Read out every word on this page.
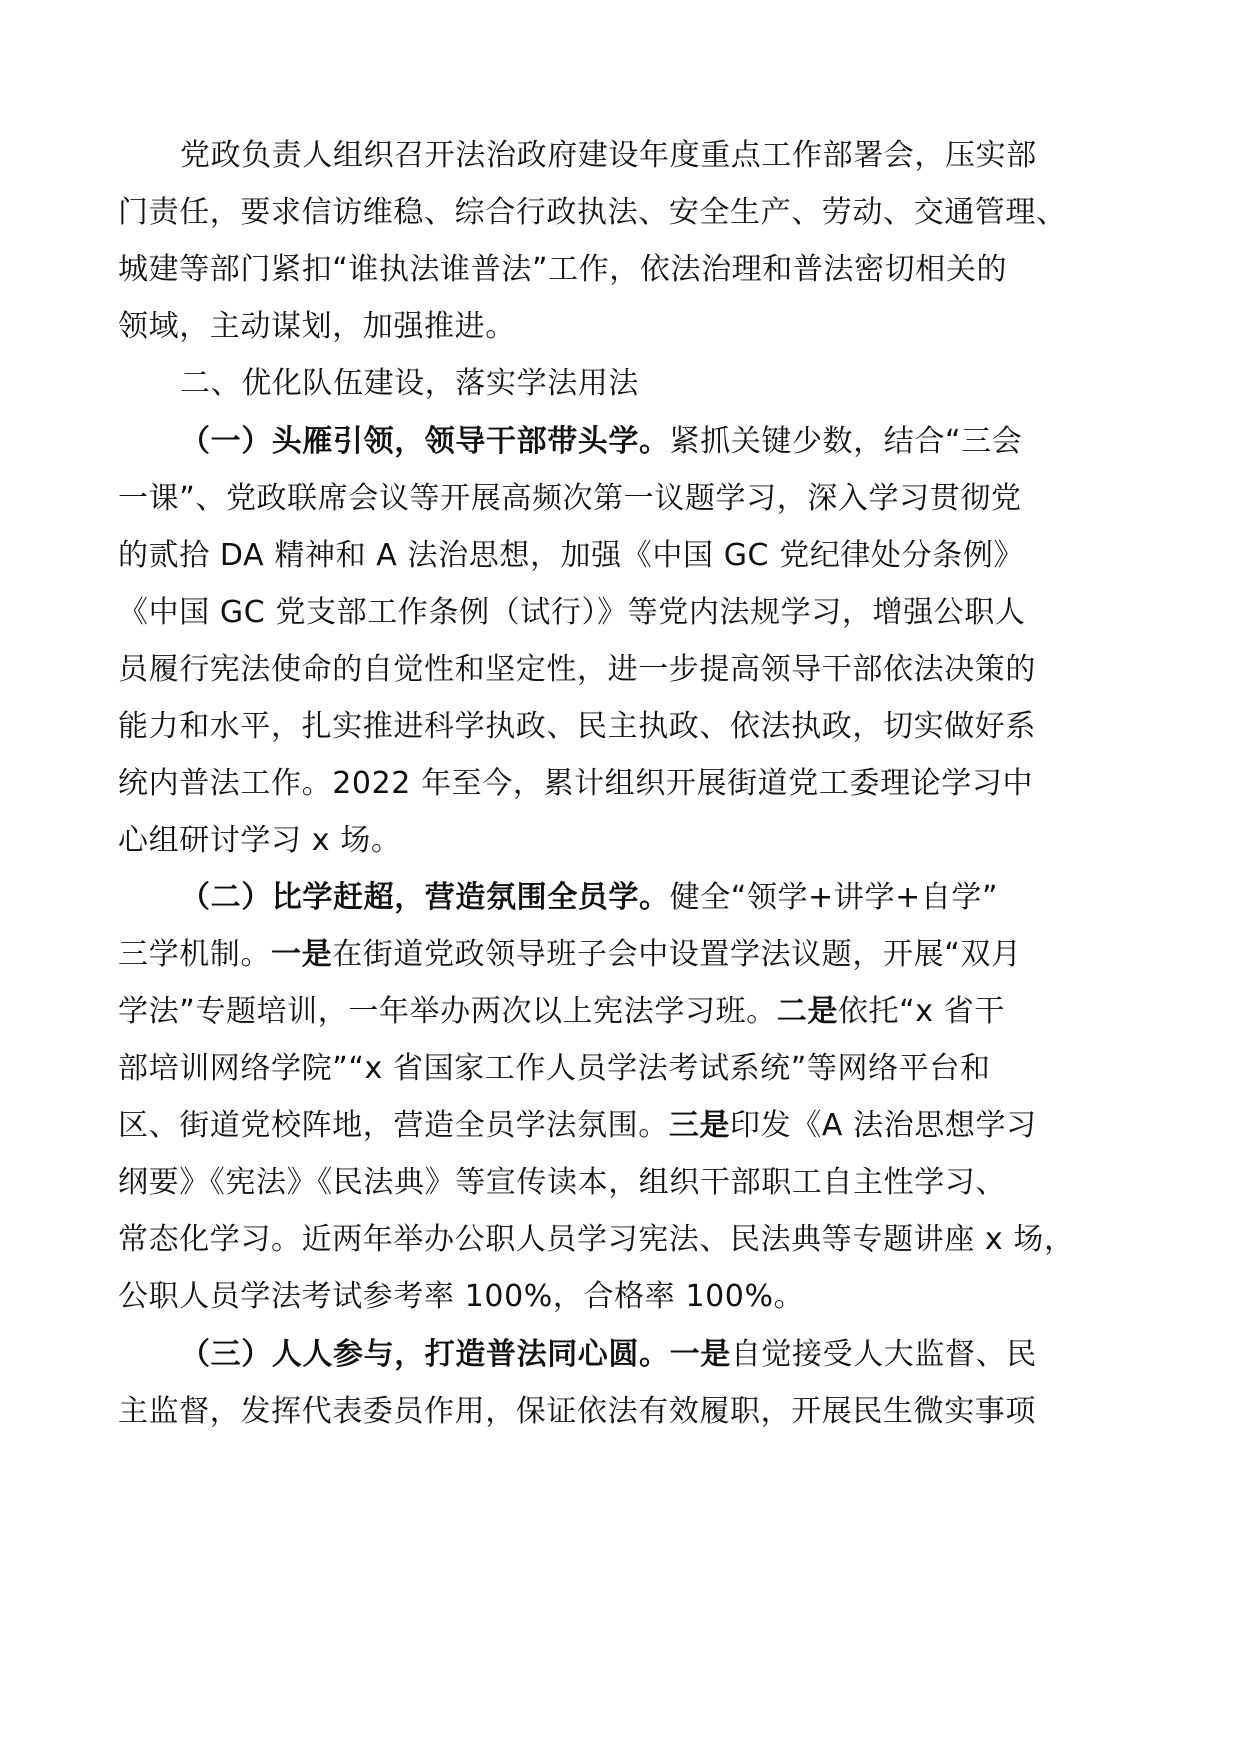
党政负责人组织召开法治政府建设年度重点工作部署会，压实部
门责任，要求信访维稳、综合行政执法、安全生产、劳动、交通管理、
城建等部门紧扣“谁执法谁普法”工作，依法治理和普法密切相关的
领域，主动谋划，加强推进。
二、优化队伍建设，落实学法用法
（一）头雁引领，领导干部带头学。紧抓关键少数，结合“三会
一课”、党政联席会议等开展高频次第一议题学习，深入学习贯彻党
的贰拾 DA 精神和 A 法治思想，加强《中国 GC 党纪律处分条例》
《中国 GC 党支部工作条例（试行）》等党内法规学习，增强公职人
员履行宪法使命的自觉性和坚定性，进一步提高领导干部依法决策的
能力和水平，扎实推进科学执政、民主执政、依法执政，切实做好系
统内普法工作。2022 年至今，累计组织开展街道党工委理论学习中
心组研讨学习 x 场。
（二）比学赶超，营造氛围全员学。健全“领学+讲学+自学”
三学机制。一是在街道党政领导班子会中设置学法议题，开展“双月
学法”专题培训，一年举办两次以上宪法学习班。二是依托“x 省干
部培训网络学院”“x 省国家工作人员学法考试系统”等网络平台和
区、街道党校阵地，营造全员学法氛围。三是印发《A 法治思想学习
纲要》《宪法》《民法典》等宣传读本，组织干部职工自主性学习、
常态化学习。近两年举办公职人员学习宪法、民法典等专题讲座 x 场，
公职人员学法考试参考率 100%，合格率 100%。
（三）人人参与，打造普法同心圆。一是自觉接受人大监督、民
主监督，发挥代表委员作用，保证依法有效履职，开展民生微实事项
